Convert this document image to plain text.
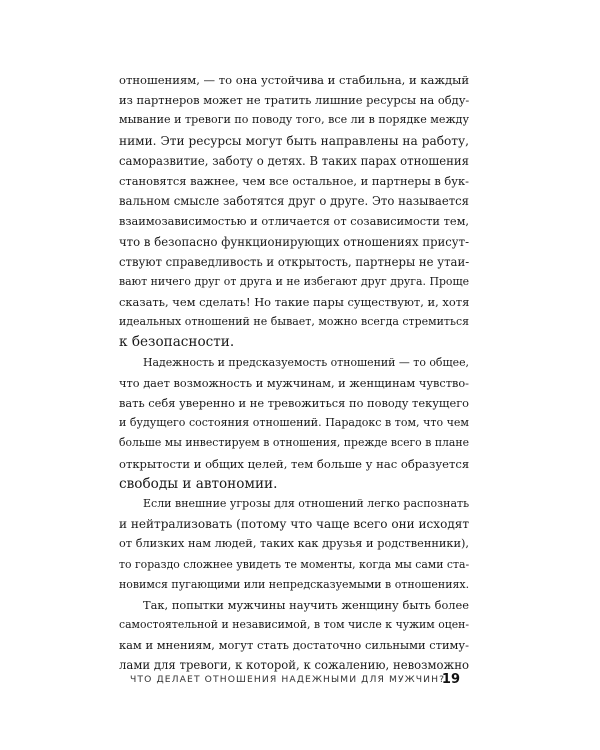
отношениям, — то она устойчива и стабильна, и каждый
из партнеров может не тратить лишние ресурсы на обду-
мывание и тревоги по поводу того, все ли в порядке между
ними. Эти ресурсы могут быть направлены на работу,
саморазвитие, заботу о детях. В таких парах отношения
становятся важнее, чем все остальное, и партнеры в бук-
вальном смысле заботятся друг о друге. Это называется
взаимозависимостью и отличается от созависимости тем,
что в безопасно функционирующих отношениях присут-
ствуют справедливость и открытость, партнеры не утаи-
вают ничего друг от друга и не избегают друг друга. Проще
сказать, чем сделать! Но такие пары существуют, и, хотя
идеальных отношений не бывает, можно всегда стремиться
к безопасности.
Надежность и предсказуемость отношений — то общее,
что дает возможность и мужчинам, и женщинам чувство-
вать себя уверенно и не тревожиться по поводу текущего
и будущего состояния отношений. Парадокс в том, что чем
больше мы инвестируем в отношения, прежде всего в плане
открытости и общих целей, тем больше у нас образуется
свободы и автономии.
Если внешние угрозы для отношений легко распознать
и нейтрализовать (потому что чаще всего они исходят
от близких нам людей, таких как друзья и родственники),
то гораздо сложнее увидеть те моменты, когда мы сами ста-
новимся пугающими или непредсказуемыми в отношениях.
Так, попытки мужчины научить женщину быть более
самостоятельной и независимой, в том числе к чужим оцен-
кам и мнениям, могут стать достаточно сильными стиму-
лами для тревоги, к которой, к сожалению, невозможно
ЧТО ДЕЛАЕТ ОТНОШЕНИЯ НАДЕЖНЫМИ ДЛЯ МУЖЧИН?
19
